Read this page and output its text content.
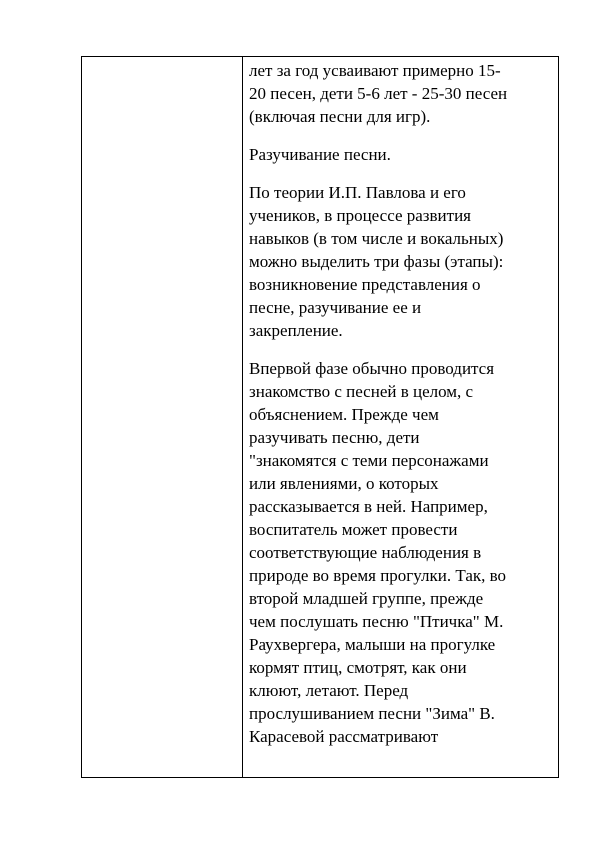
лет за год усваивают примерно 15-
20 песен, дети 5-6 лет - 25-30 песен
(включая песни для игр).

Разучивание песни.

По теории И.П. Павлова и его
учеников, в процессе развития
навыков (в том числе и вокальных)
можно выделить три фазы (этапы):
возникновение представления о
песне, разучивание ее и
закрепление.

Впервой фазе обычно проводится
знакомство с песней в целом, с
объяснением. Прежде чем
разучивать песню, дети
"знакомятся с теми персонажами
или явлениями, о которых
рассказывается в ней. Например,
воспитатель может провести
соответствующие наблюдения в
природе во время прогулки. Так, во
второй младшей группе, прежде
чем послушать песню "Птичка" М.
Раухвергера, малыши на прогулке
кормят птиц, смотрят, как они
клюют, летают. Перед
прослушиванием песни "Зима" В.
Карасевой рассматривают
